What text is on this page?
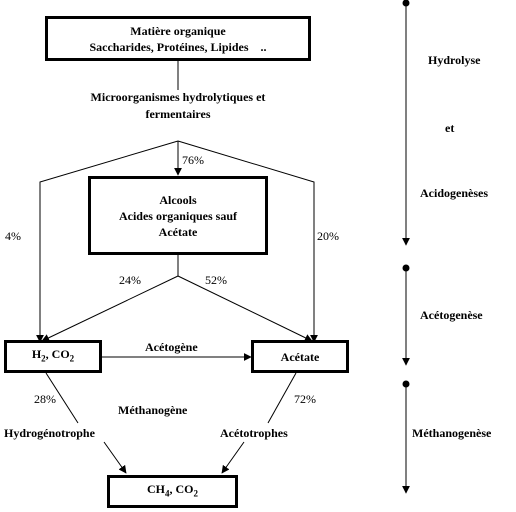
Matière organique
Saccharides, Protéines, Lipides    ..
Alcools
Acides organiques sauf
Acétate
$H_2$, $CO_2$	Acétate
$CH_4$, $CO_2$
Microorganismes hydrolytiques et
fermentaires
Acétogène
Méthanogène
Hydrogénotrophe	Acétotrophes
76%
4%	20%
24%	52%
28%	72%
Hydrolyse
et
Acidogenèses
Acétogenèse
Méthanogenèse
